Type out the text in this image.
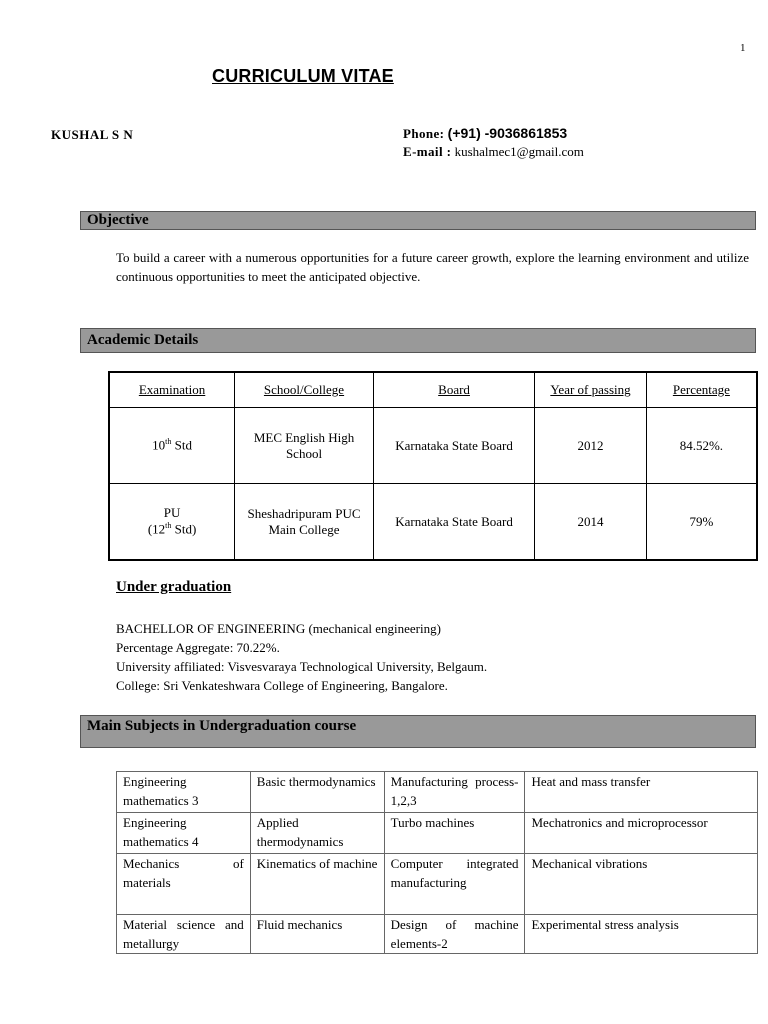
1
CURRICULUM VITAE
KUSHAL S N	Phone: (+91) -9036861853
E-mail : kushalmec1@gmail.com
Objective
To build a career with a numerous opportunities for a future career growth, explore the learning environment and utilize continuous opportunities to meet the anticipated objective.
Academic Details
Examination	School/College	Board	Year of passing	Percentage
10th Std	MEC English High School	Karnataka State Board	2012	84.52%.

PU
(12th Std)	Sheshadripuram PUC Main College	Karnataka State Board	2014	79%
Under graduation
BACHELLOR OF ENGINEERING (mechanical engineering)
Percentage Aggregate: 70.22%.
University affiliated: Visvesvaraya Technological University, Belgaum.
College: Sri Venkateshwara College of Engineering, Bangalore.
Main Subjects in Undergraduation course
Engineering mathematics 3	Basic thermodynamics	Manufacturing process-1,2,3	Heat and mass transfer
Engineering mathematics 4	Applied thermodynamics	Turbo machines	Mechatronics and microprocessor
Mechanics of materials	Kinematics of machine	Computer integrated manufacturing	Mechanical vibrations
Material science and metallurgy	Fluid mechanics	Design of machine elements-2	Experimental stress analysis
